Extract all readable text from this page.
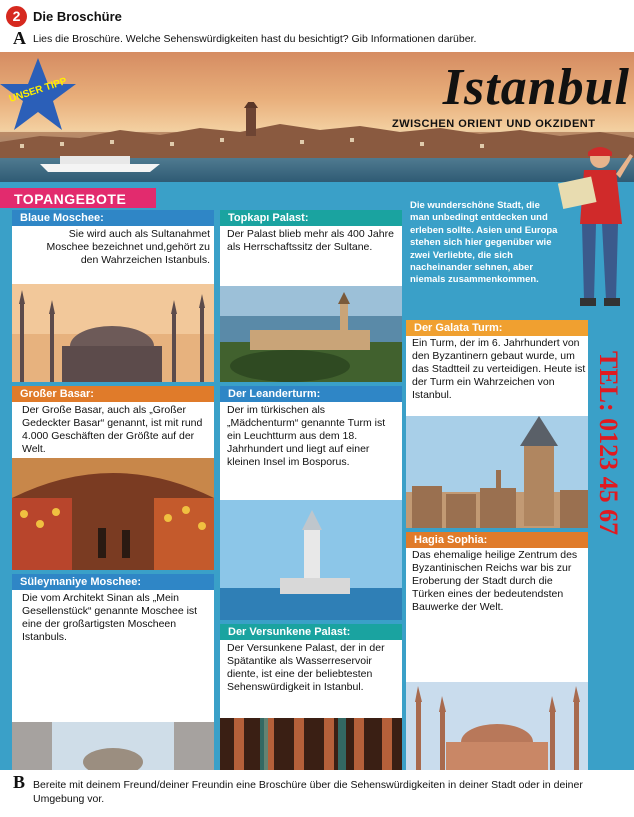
2 Die Broschüre
A Lies die Broschüre. Welche Sehenswürdigkeiten hast du besichtigt? Gib Informationen darüber.
UNSER TIPP	Istanbul
ZWISCHEN ORIENT UND OKZIDENT
TOPANGEBOTE
Blaue Moschee:
Sie wird auch als Sultanahmet Moschee bezeichnet und,gehört zu den Wahrzeichen Istanbuls.
Topkapı Palast:
Der Palast blieb mehr als 400 Jahre als Herrschaftssitz der Sultane.
Großer Basar:
Der Große Basar, auch als „Großer Gedeckter Basar“ genannt, ist mit rund 4.000 Geschäften der Größte auf der Welt.
Der Leanderturm:
Der im türkischen als „Mädchenturm“ genannte Turm ist ein Leuchtturm aus dem 18. Jahrhundert und liegt auf einer kleinen Insel im Bosporus.
Süleymaniye Moschee:
Die vom Architekt Sinan als „Mein Gesellenstück“ genannte Moschee ist eine der großartigsten Moscheen Istanbuls.	Der Versunkene Palast:
Der Versunkene Palast, der in der Spätantike als Wasserreservoir diente, ist eine der beliebtesten Sehenswürdigkeit in Istanbul.
Die wunderschöne Stadt, die man unbedingt entdecken und erleben sollte. Asien und Europa stehen sich hier gegenüber wie zwei Verliebte, die sich nacheinander sehnen, aber niemals zusammenkommen.
Der Galata Turm:
Ein Turm, der im 6. Jahrhundert von den Byzantinern gebaut wurde, um das Stadtteil zu verteidigen. Heute ist der Turm ein Wahrzeichen von Istanbul.
Hagia Sophia:
Das ehemalige heilige Zentrum des Byzantinischen Reichs war bis zur Eroberung der Stadt durch die Türken eines der bedeutendsten Bauwerke der Welt.
TEL: 0123 45 67
B Bereite mit deinem Freund/deiner Freundin eine Broschüre über die Sehenswürdigkeiten in deiner Stadt oder in deiner Umgebung vor.
